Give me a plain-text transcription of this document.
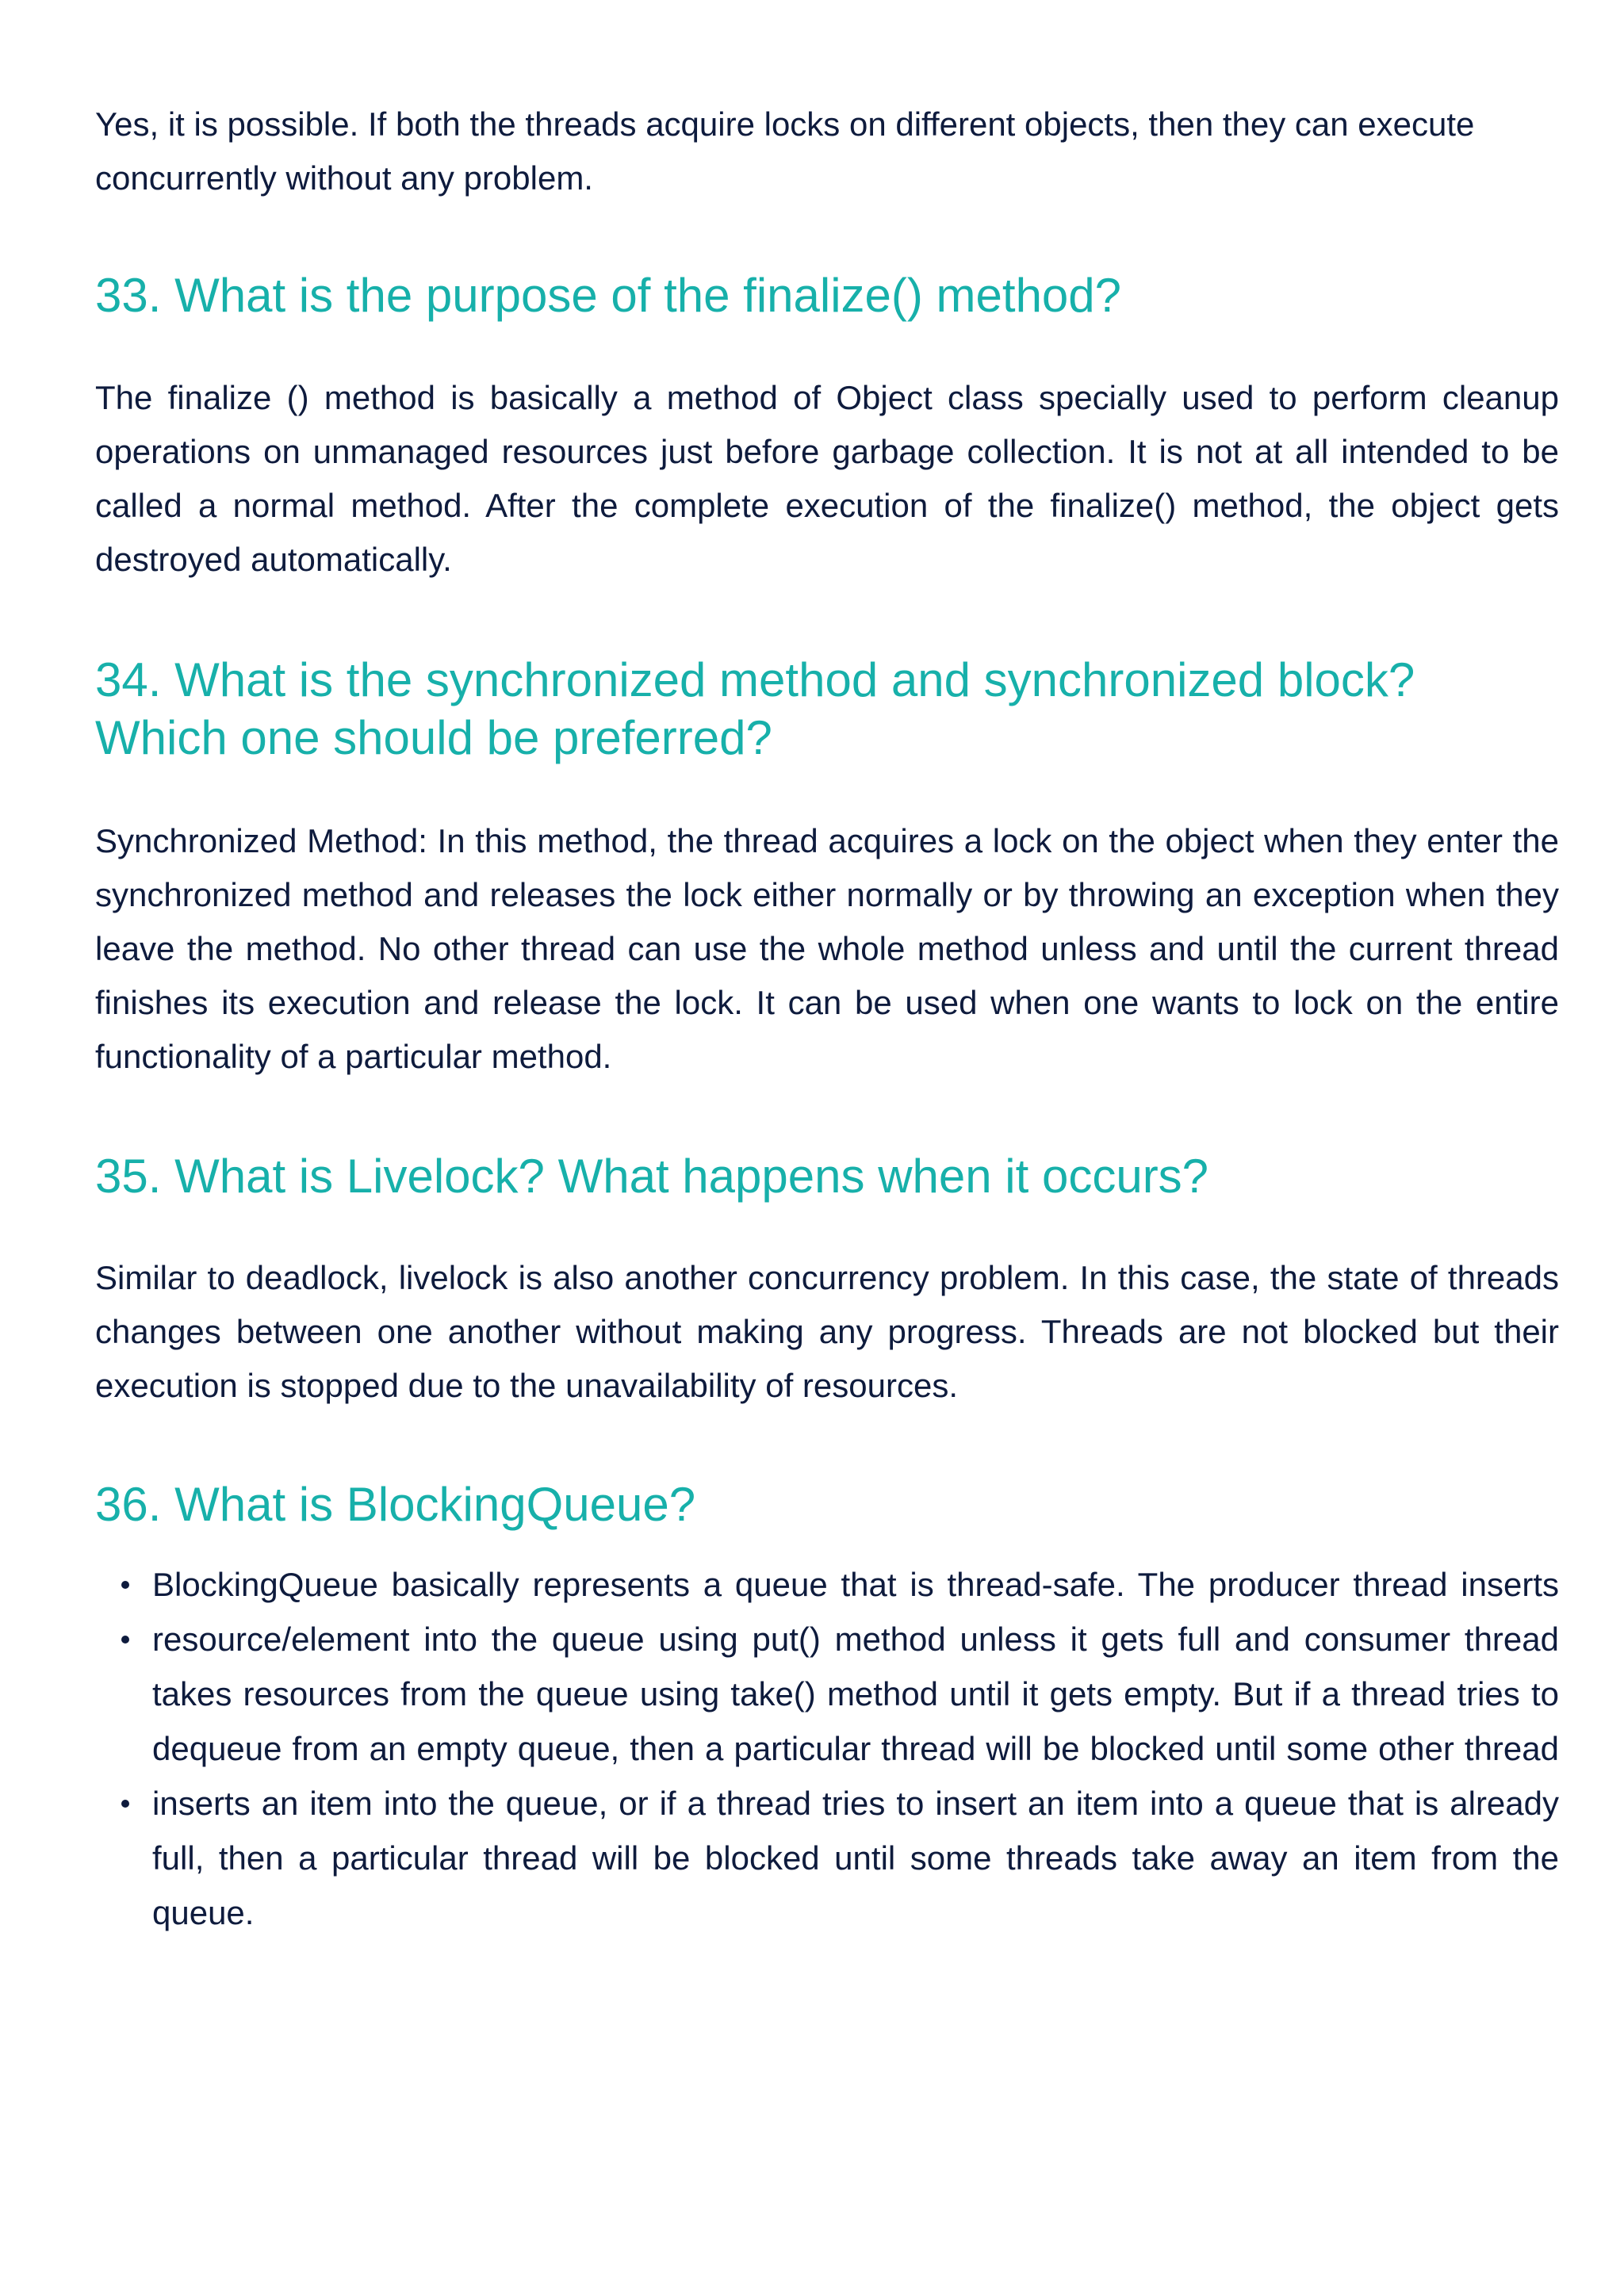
Yes, it is possible. If both the threads acquire locks on different objects, then they can execute concurrently without any problem.

33. What is the purpose of the finalize() method?

The finalize () method is basically a method of Object class specially used to perform cleanup operations on unmanaged resources just before garbage collection. It is not at all intended to be called a normal method. After the complete execution of the finalize() method, the object gets destroyed automatically.

34. What is the synchronized method and synchronized block? Which one should be preferred?

Synchronized Method: In this method, the thread acquires a lock on the object when they enter the synchronized method and releases the lock either normally or by throwing an exception when they leave the method. No other thread can use the whole method unless and until the current thread finishes its execution and release the lock. It can be used when one wants to lock on the entire functionality of a particular method.

35. What is Livelock? What happens when it occurs?

Similar to deadlock, livelock is also another concurrency problem. In this case, the state of threads changes between one another without making any progress. Threads are not blocked but their execution is stopped due to the unavailability of resources.

36. What is BlockingQueue?
BlockingQueue basically represents a queue that is thread-safe. The producer thread inserts resource/element into the queue using put() method unless it gets full and consumer thread takes resources from the queue using take() method until it gets empty. But if a thread tries to dequeue from an empty queue, then a particular thread will be blocked until some other thread inserts an item into the queue, or if a thread tries to insert an item into a queue that is already full, then a particular thread will be blocked until some threads take away an item from the queue.
